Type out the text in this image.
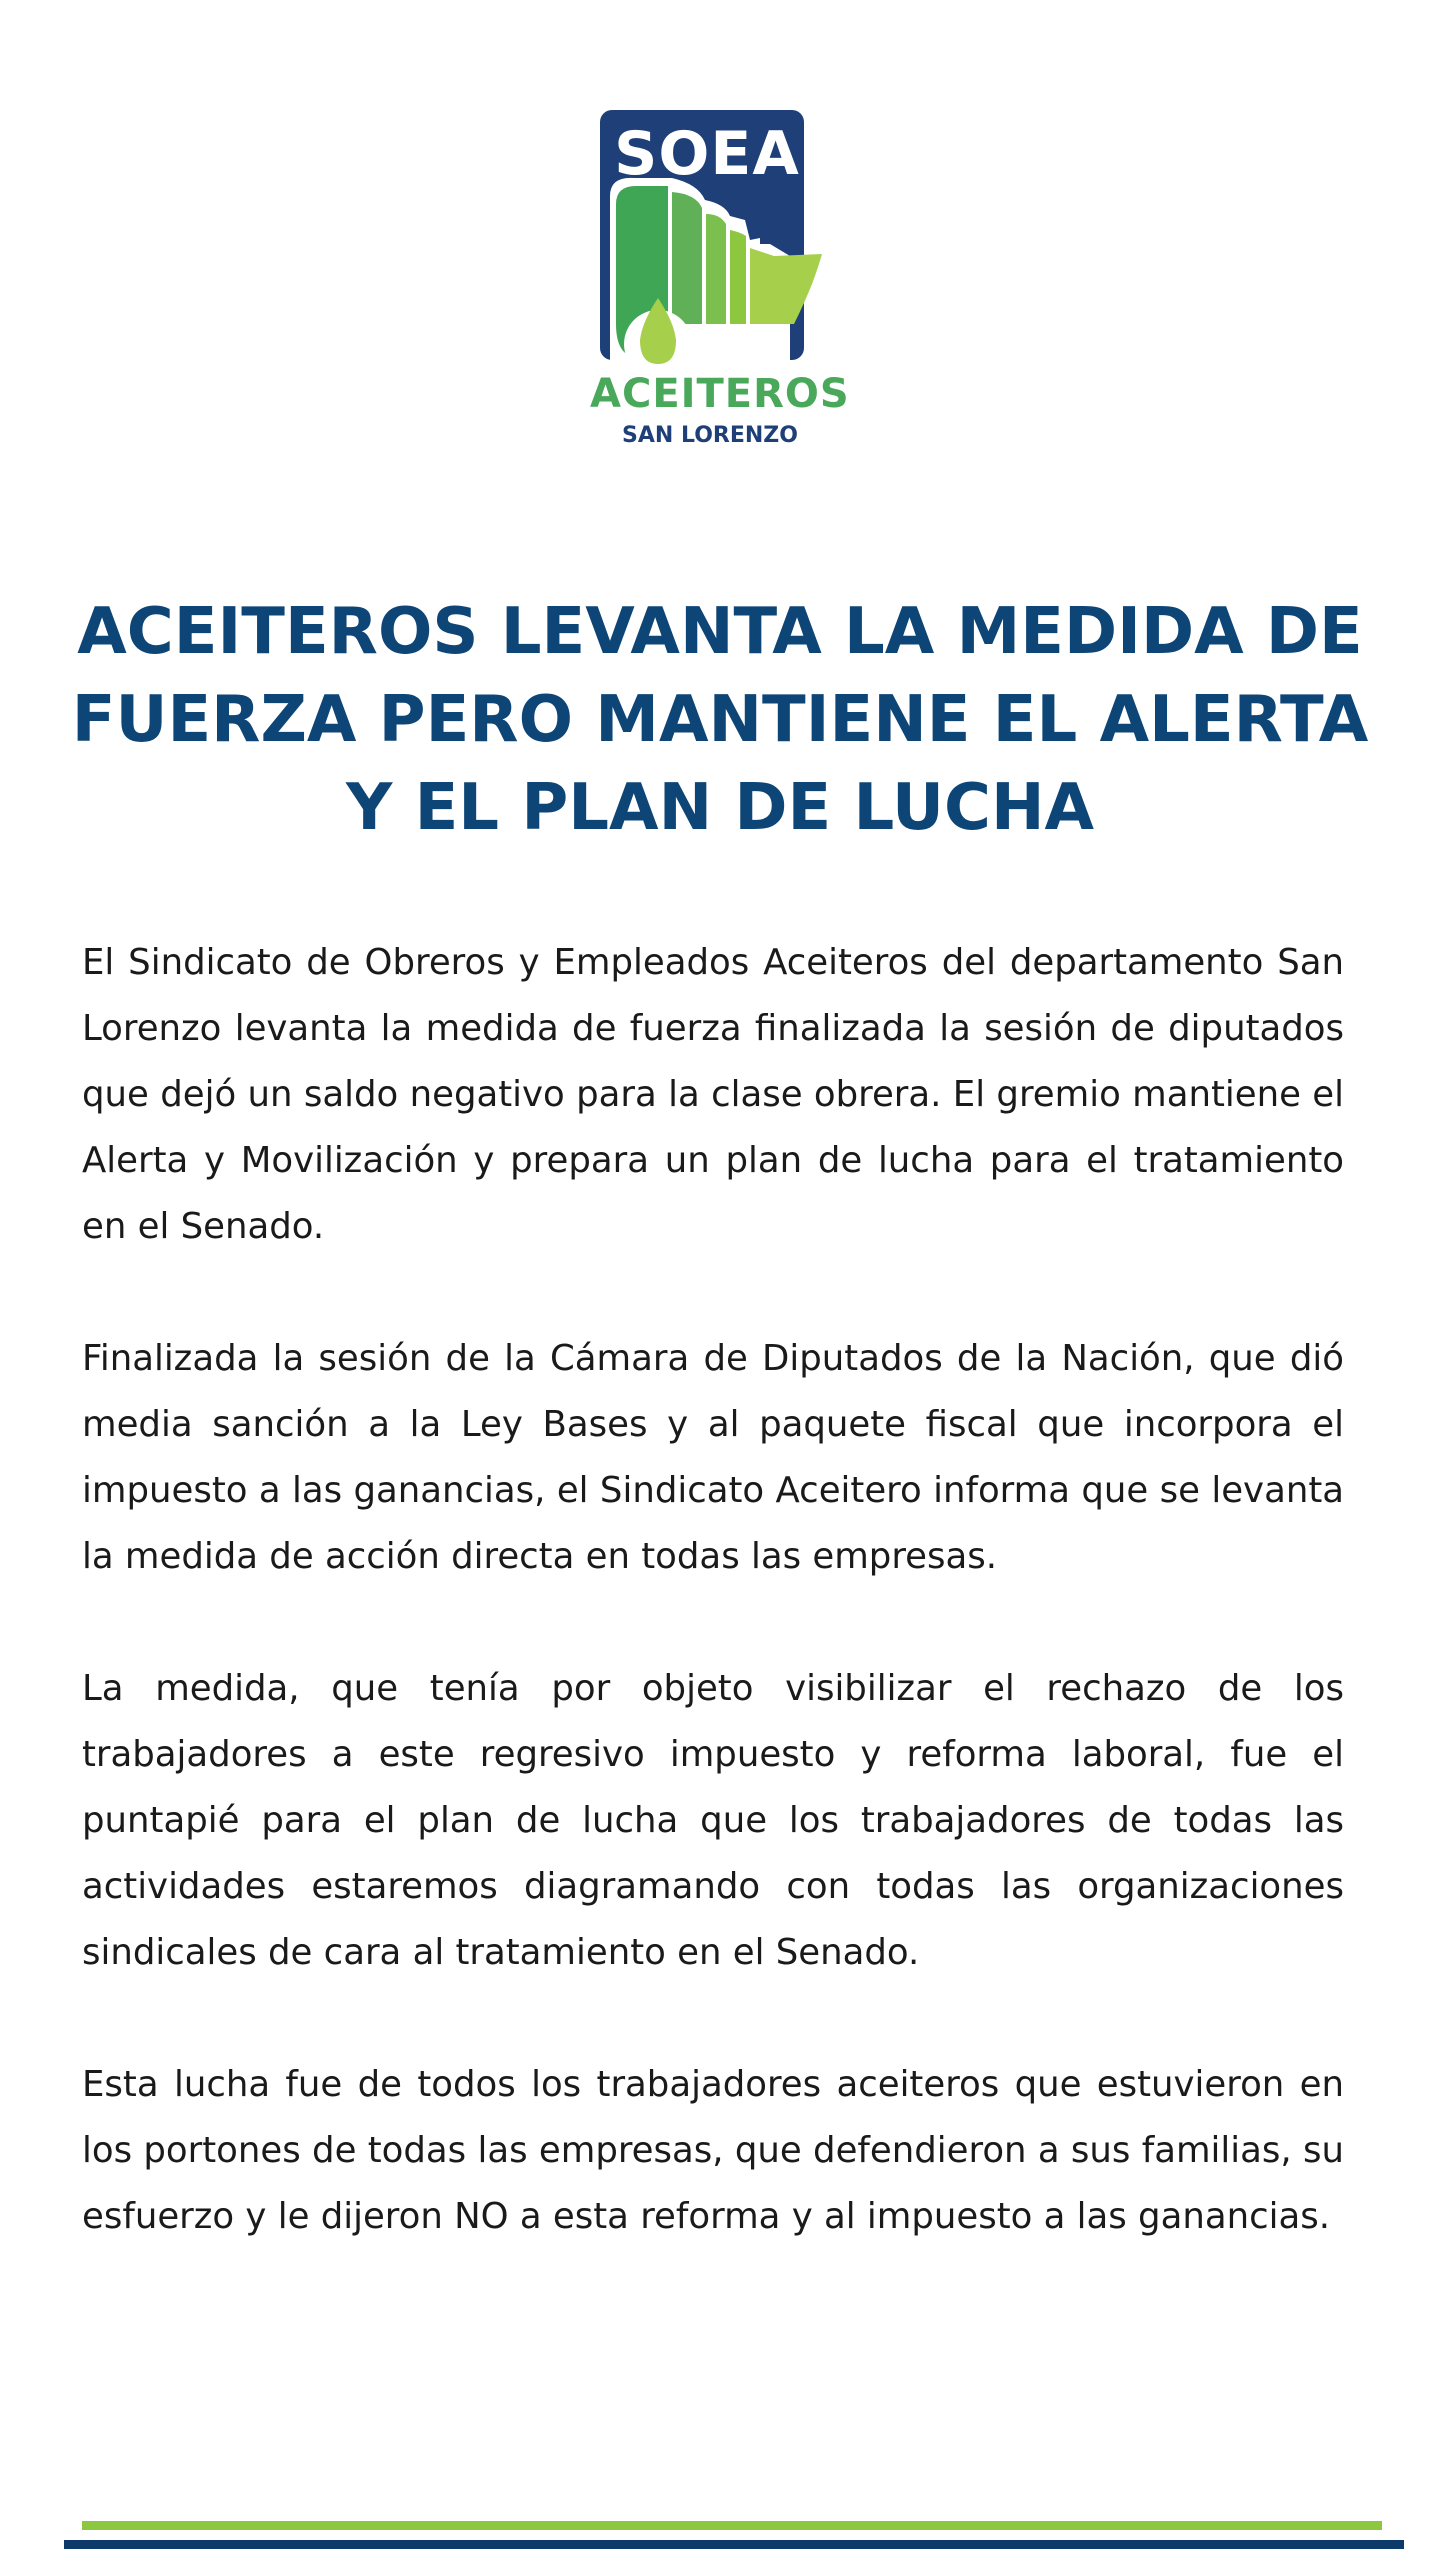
SOEA
ACEITEROS
SAN LORENZO
ACEITEROS LEVANTA LA MEDIDA DE FUERZA PERO MANTIENE EL ALERTA Y EL PLAN DE LUCHA

El Sindicato de Obreros y Empleados Aceiteros del departamento San Lorenzo levanta la medida de fuerza finalizada la sesión de diputados que dejó un saldo negativo para la clase obrera. El gremio mantiene el Alerta y Movilización y prepara un plan de lucha para el tratamiento en el Senado.

Finalizada la sesión de la Cámara de Diputados de la Nación, que dió media sanción a la Ley Bases y al paquete fiscal que incorpora el impuesto a las ganancias, el Sindicato Aceitero informa que se levanta la medida de acción directa en todas las empresas.

La medida, que tenía por objeto visibilizar el rechazo de los trabajadores a este regresivo impuesto y reforma laboral, fue el puntapié para el plan de lucha que los trabajadores de todas las actividades estaremos diagramando con todas las organizaciones sindicales de cara al tratamiento en el Senado.

Esta lucha fue de todos los trabajadores aceiteros que estuvieron en los portones de todas las empresas, que defendieron a sus familias, su esfuerzo y le dijeron NO a esta reforma y al impuesto a las ganancias.
